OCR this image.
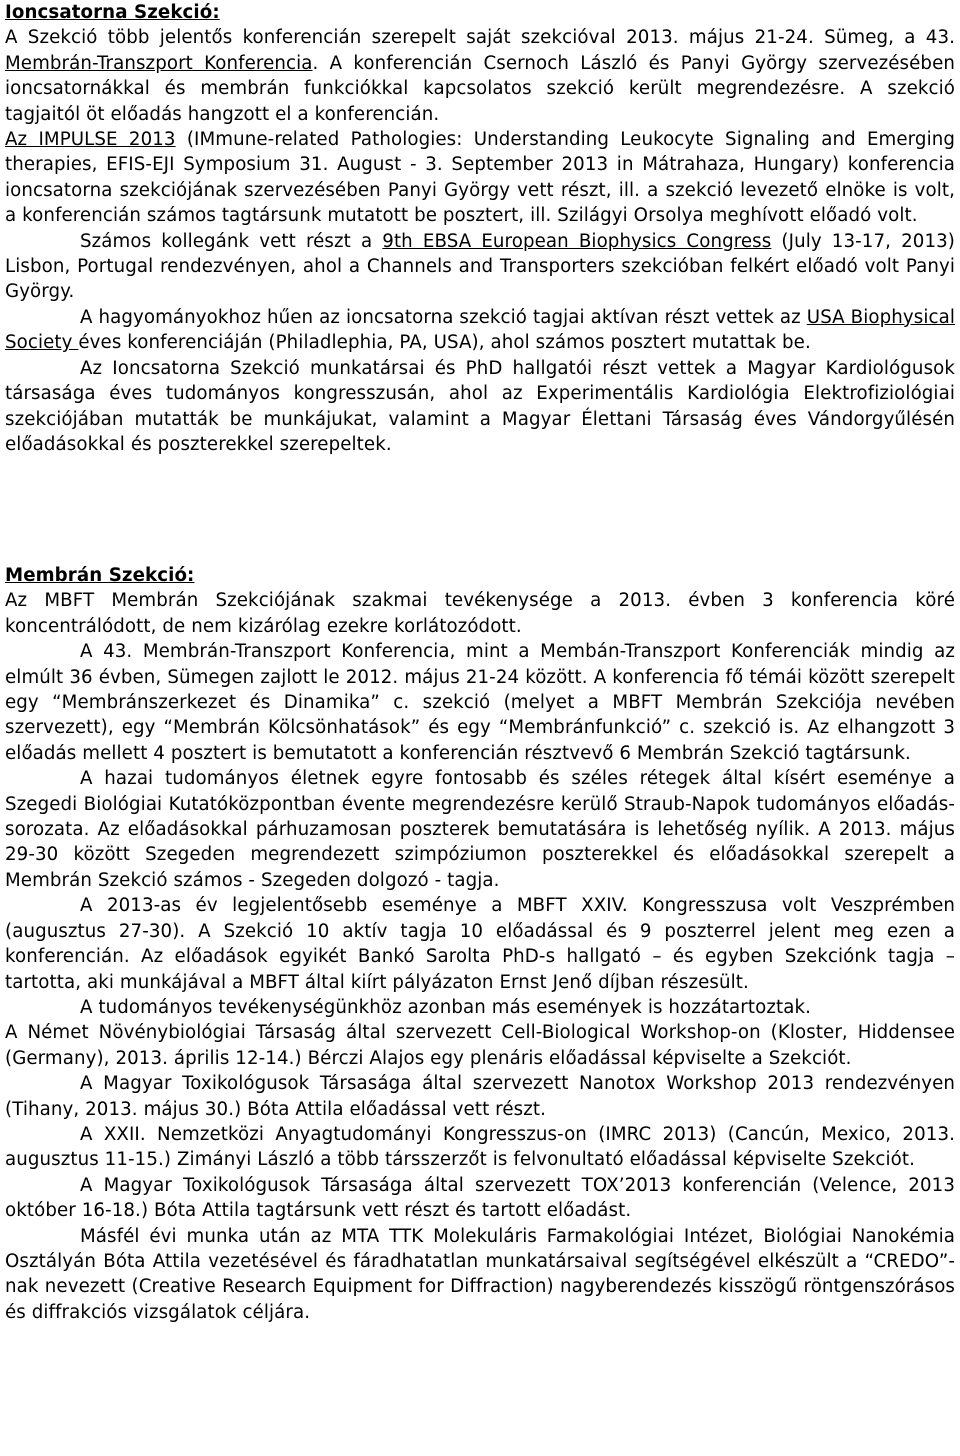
Ioncsatorna Szekció:

A Szekció több jelentős konferencián szerepelt saját szekcióval 2013. május 21-24. Sümeg, a 43. Membrán-Transzport Konferencia. A konferencián Csernoch László és Panyi György szervezésében ioncsatornákkal és membrán funkciókkal kapcsolatos szekció került megrendezésre. A szekció tagjaitól öt előadás hangzott el a konferencián.

Az IMPULSE 2013 (IMmune-related Pathologies: Understanding Leukocyte Signaling and Emerging therapies, EFIS-EJI Symposium 31. August - 3. September 2013 in Mátrahaza, Hungary) konferencia ioncsatorna szekciójának szervezésében Panyi György vett részt, ill. a szekció levezető elnöke is volt, a konferencián számos tagtársunk mutatott be posztert, ill. Szilágyi Orsolya meghívott előadó volt.

Számos kollegánk vett részt a 9th EBSA European Biophysics Congress (July 13-17, 2013) Lisbon, Portugal rendezvényen, ahol a Channels and Transporters szekcióban felkért előadó volt Panyi György.

A hagyományokhoz hűen az ioncsatorna szekció tagjai aktívan részt vettek az USA Biophysical Society éves konferenciáján (Philadlephia, PA, USA), ahol számos posztert mutattak be.

Az Ioncsatorna Szekció munkatársai és PhD hallgatói részt vettek a Magyar Kardiológusok társasága éves tudományos kongresszusán, ahol az Experimentális Kardiológia Elektrofiziológiai szekciójában mutatták be munkájukat, valamint a Magyar Élettani Társaság éves Vándorgyűlésén előadásokkal és poszterekkel szerepeltek.

Membrán Szekció:

Az MBFT Membrán Szekciójának szakmai tevékenysége a 2013. évben 3 konferencia köré koncentrálódott, de nem kizárólag ezekre korlátozódott.

A 43. Membrán-Transzport Konferencia, mint a Membán-Transzport Konferenciák mindig az elmúlt 36 évben, Sümegen zajlott le 2012. május 21-24 között. A konferencia fő témái között szerepelt egy “Membránszerkezet és Dinamika” c. szekció (melyet a MBFT Membrán Szekciója nevében szervezett), egy “Membrán Kölcsönhatások” és egy “Membránfunkció” c. szekció is. Az elhangzott 3 előadás mellett 4 posztert is bemutatott a konferencián résztvevő 6 Membrán Szekció tagtársunk.

A hazai tudományos életnek egyre fontosabb és széles rétegek által kísért eseménye a Szegedi Biológiai Kutatóközpontban évente megrendezésre kerülő Straub-Napok tudományos előadás-sorozata. Az előadásokkal párhuzamosan poszterek bemutatására is lehetőség nyílik. A 2013. május 29-30 között Szegeden megrendezett szimpóziumon poszterekkel és előadásokkal szerepelt a Membrán Szekció számos - Szegeden dolgozó - tagja.

A 2013-as év legjelentősebb eseménye a MBFT XXIV. Kongresszusa volt Veszprémben (augusztus 27-30). A Szekció 10 aktív tagja 10 előadással és 9 poszterrel jelent meg ezen a konferencián. Az előadások egyikét Bankó Sarolta PhD-s hallgató – és egyben Szekciónk tagja – tartotta, aki munkájával a MBFT által kiírt pályázaton Ernst Jenő díjban részesült.

A tudományos tevékenységünkhöz azonban más események is hozzátartoztak.

A Német Növénybiológiai Társaság által szervezett Cell-Biological Workshop-on (Kloster, Hiddensee (Germany), 2013. április 12-14.) Bérczi Alajos egy plenáris előadással képviselte a Szekciót.

A Magyar Toxikológusok Társasága által szervezett Nanotox Workshop 2013 rendezvényen (Tihany, 2013. május 30.) Bóta Attila előadással vett részt.

A XXII. Nemzetközi Anyagtudományi Kongresszus-on (IMRC 2013) (Cancún, Mexico, 2013. augusztus 11-15.) Zimányi László a több társszerzőt is felvonultató előadással képviselte Szekciót.

A Magyar Toxikológusok Társasága által szervezett TOX’2013 konferencián (Velence, 2013 október 16-18.) Bóta Attila tagtársunk vett részt és tartott előadást.

Másfél évi munka után az MTA TTK Molekuláris Farmakológiai Intézet, Biológiai Nanokémia Osztályán Bóta Attila vezetésével és fáradhatatlan munkatársaival segítségével elkészült a “CREDO”-nak nevezett (Creative Research Equipment for Diffraction) nagyberendezés kisszögű röntgenszórásos és diffrakciós vizsgálatok céljára.
